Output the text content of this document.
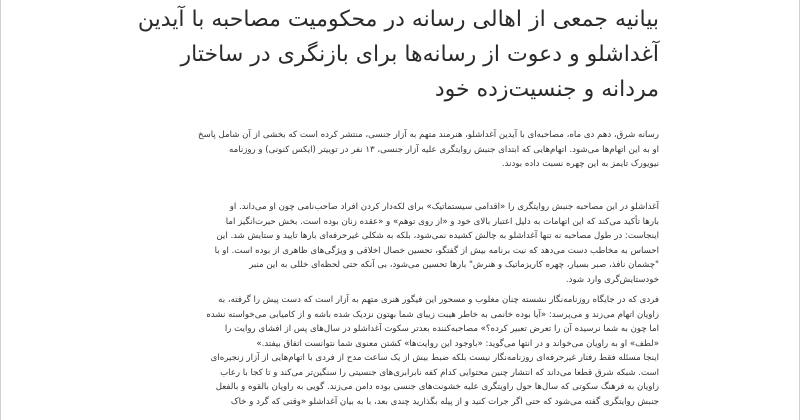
بیانیه جمعی از اهالی رسانه در محکومیت مصاحبه با آیدین
آغداشلو و دعوت از رسانه‌ها برای بازنگری در ساختار
مردانه و جنسیت‌زده خود

رسانه شرق، دهم دی ماه، مصاحبه‌ای با آیدین آغداشلو، هنرمند متهم به آزار جنسی، منتشر کرده است که بخشی از آن شامل پاسخ
او به این اتهام‌ها می‌شود. اتهام‌هایی که ابتدای جنبش روایتگری علیه آزار جنسی، ۱۳ نفر در توییتر (ایکس کنونی) و روزنامه
نیویورک تایمز به این چهره نسبت داده بودند.

آغداشلو در این مصاحبه جنبش روایتگری را «اقدامی سیستماتیک» برای لکه‌دار کردن افراد صاحب‌نامی چون او می‌داند. او
بارها تأکید می‌کند که این اتهامات به دلیل اعتبار بالای خود و «از روی توهم» و «عقده زنان بوده است. بخش حیرت‌انگیز اما
اینجاست: در طول مصاحبه نه تنها آغداشلو به چالش کشیده نمی‌شود، بلکه به شکلی غیرحرفه‌ای بارها تایید و ستایش شد. این
احساس به مخاطب دست می‌دهد که نیت برنامه بیش از گفتگو، تحسین خصال اخلاقی و ویژگی‌های ظاهری از بوده است. او با
"چشمان نافذ، صبر بسیار، چهره کاریزماتیک و هنرش" بارها تحسین می‌شود، بی آنکه حتی لحظه‌ای خللی به این منبر
خودستایش‌گری وارد شود.

فردی که در جایگاه روزنامه‌نگار نشسته چنان مغلوب و مسحور این فیگور هنری متهم به آزار است که دست پیش را گرفته، به
راویان اتهام می‌زند و می‌پرسد: «آیا بوده خانمی به خاطر هیبت زیبای شما بهتون نزدیک شده باشه و از کامیابی می‌خواسته نشده
اما چون به شما نرسیده آن را تعرض تعبیر کرده؟» مصاحبه‌کننده بعدتر سکوت آغداشلو در سال‌های پس از افشای روایت را
«لطف» او به راویان می‌خواند و در انتها می‌گوید: «باوجود این روایت‌ها» کشتن معنوی شما نتوانست اتفاق بیفتد.»
اینجا مسئله فقط رفتار غیرحرفه‌ای روزنامه‌نگار نیست بلکه ضبط بیش از یک ساعت مدح از فردی با اتهام‌هایی از آزار زنجیره‌ای
است. شبکه شرق قطعا می‌داند که انتشار چنین محتوایی کدام کفه نابرابری‌های جنسیتی را سنگین‌تر می‌کند و تا کجا با رعاب
راویان به فرهنگ سکوتی که سال‌ها حول راویتگری علیه خشونت‌های جنسی بوده دامن می‌زند. گویی به راویان بالقوه و بالفعل
جنبش روایتگری گفته می‌شود که حتی اگر جرات کنید و از پیله بگذارید چندی بعد، با به بیان آغداشلو «وقتی که گرد و خاک
